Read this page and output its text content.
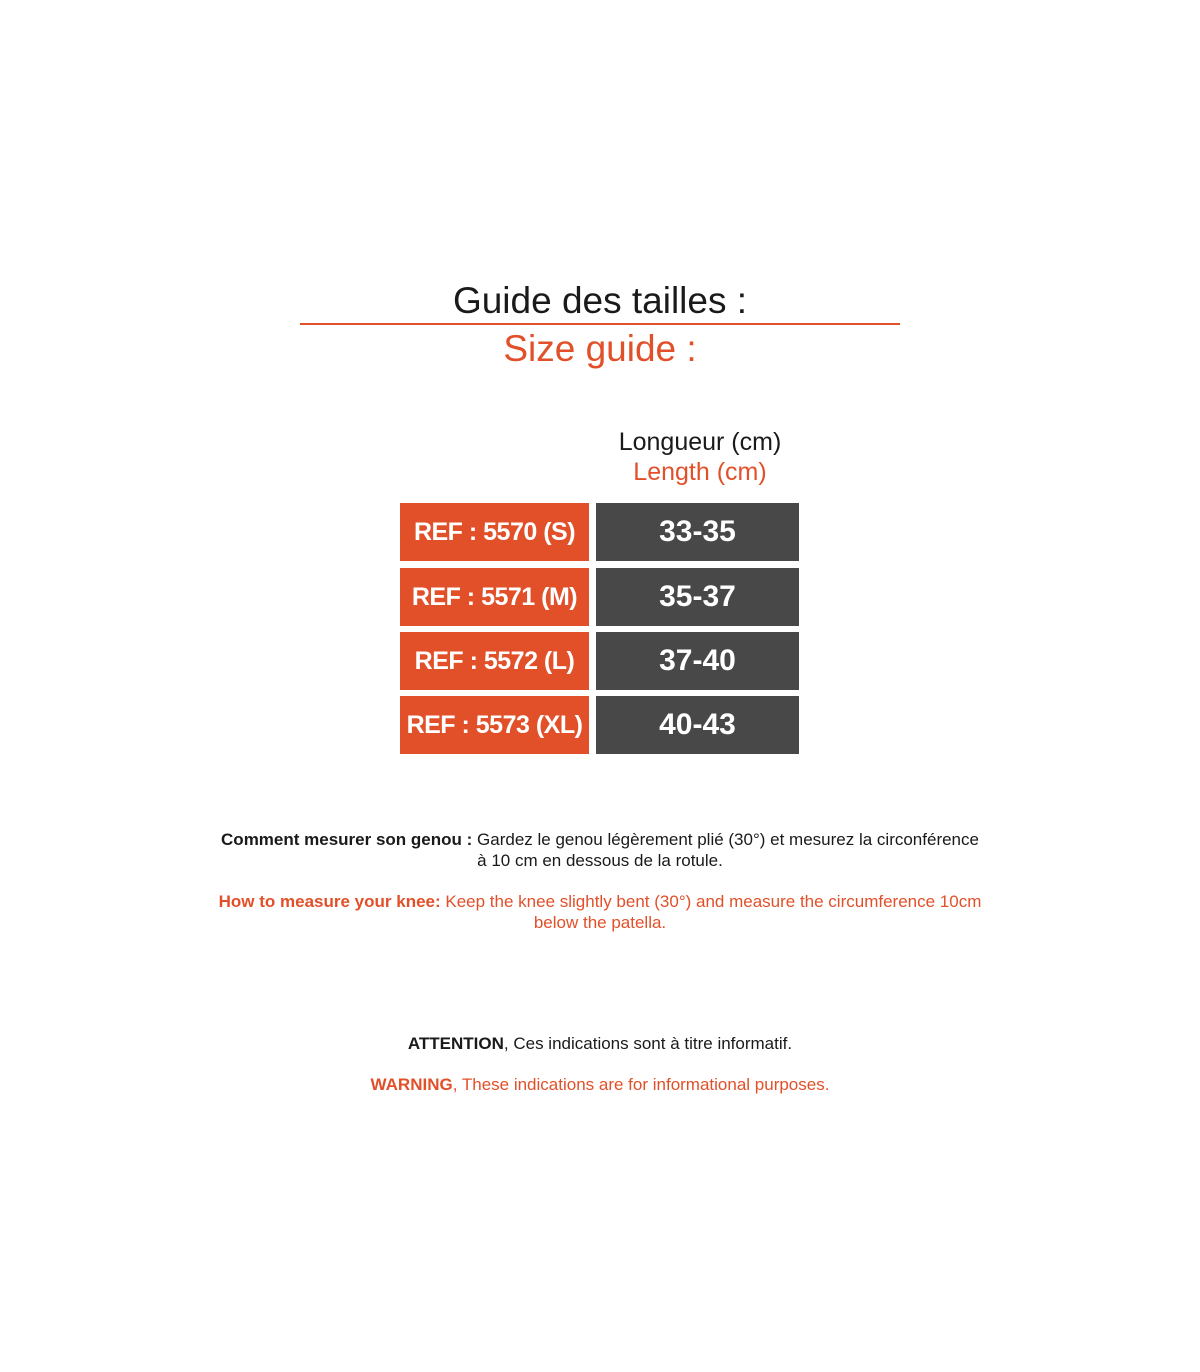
Guide des tailles :
Size guide :
Longueur (cm)
Length (cm)
REF : 5570 (S)	33-35
REF : 5571 (M)	35-37
REF : 5572 (L)	37-40
REF : 5573 (XL)	40-43
Comment mesurer son genou : Gardez le genou légèrement plié (30°) et mesurez la circonférence
à 10 cm en dessous de la rotule.
How to measure your knee: Keep the knee slightly bent (30°) and measure the circumference 10cm
below the patella.
ATTENTION, Ces indications sont à titre informatif.
WARNING, These indications are for informational purposes.
